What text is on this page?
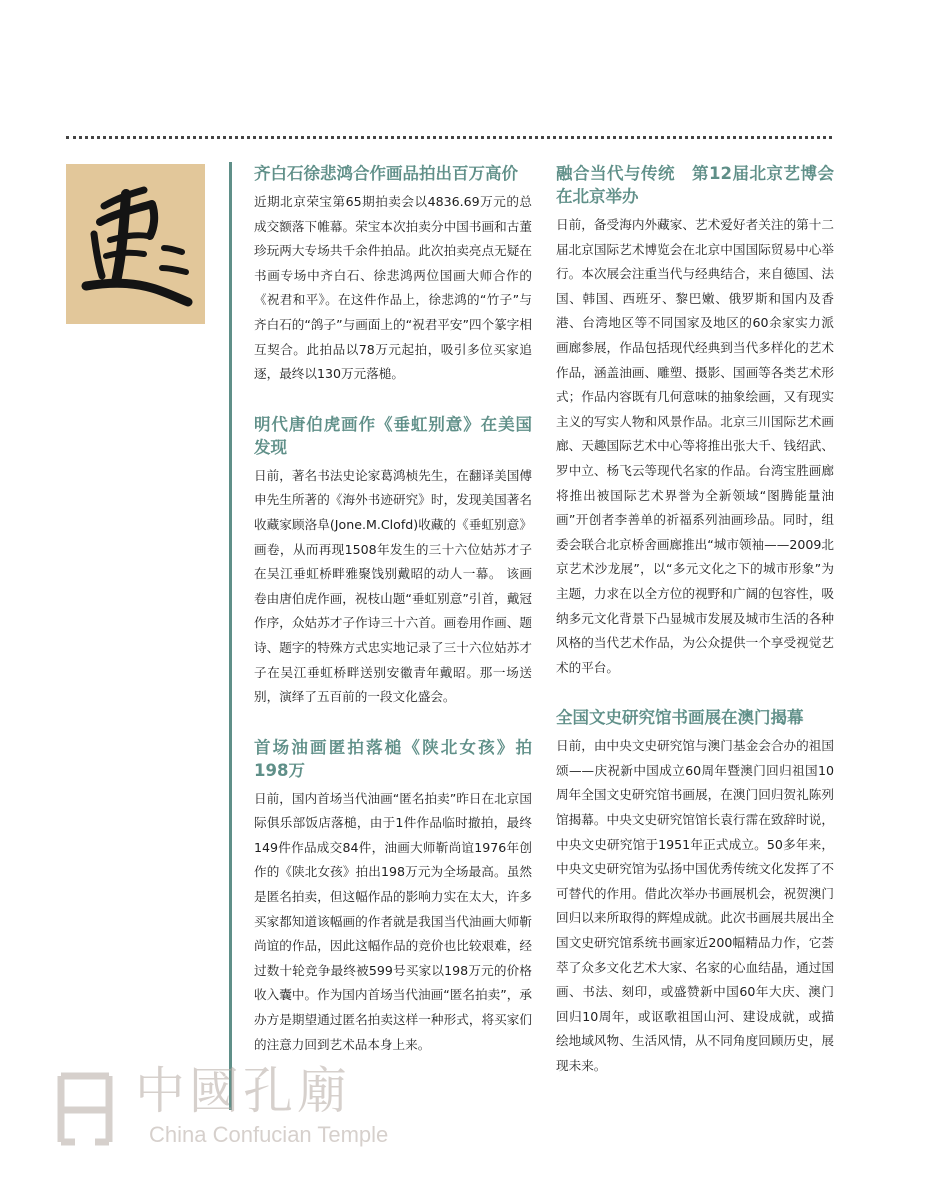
齐白石徐悲鸿合作画品拍出百万高价

近期北京荣宝第65期拍卖会以4836.69万元的总成交额落下帷幕。荣宝本次拍卖分中国书画和古董珍玩两大专场共千余件拍品。此次拍卖亮点无疑在书画专场中齐白石、徐悲鸿两位国画大师合作的《祝君和平》。在这件作品上，徐悲鸿的“竹子”与齐白石的“鸽子”与画面上的“祝君平安”四个篆字相互契合。此拍品以78万元起拍，吸引多位买家追逐，最终以130万元落槌。

明代唐伯虎画作《垂虹别意》在美国发现

日前，著名书法史论家葛鸿桢先生，在翻译美国傅申先生所著的《海外书迹研究》时，发现美国著名收藏家顾洛阜(Jone.M.Clofd)收藏的《垂虹别意》画卷，从而再现1508年发生的三十六位姑苏才子在吴江垂虹桥畔雅聚饯别戴昭的动人一幕。 该画卷由唐伯虎作画，祝枝山题“垂虹别意”引首，戴冠作序，众姑苏才子作诗三十六首。画卷用作画、题诗、题字的特殊方式忠实地记录了三十六位姑苏才子在吴江垂虹桥畔送别安徽青年戴昭。那一场送别，演绎了五百前的一段文化盛会。

首场油画匿拍落槌《陕北女孩》拍198万

日前，国内首场当代油画“匿名拍卖”昨日在北京国际俱乐部饭店落槌，由于1件作品临时撤拍，最终149件作品成交84件，油画大师靳尚谊1976年创作的《陕北女孩》拍出198万元为全场最高。虽然是匿名拍卖，但这幅作品的影响力实在太大，许多买家都知道该幅画的作者就是我国当代油画大师靳尚谊的作品，因此这幅作品的竞价也比较艰难，经过数十轮竞争最终被599号买家以198万元的价格收入囊中。作为国内首场当代油画“匿名拍卖”，承办方是期望通过匿名拍卖这样一种形式，将买家们的注意力回到艺术品本身上来。

融合当代与传统　第12届北京艺博会在北京举办

日前，备受海内外藏家、艺术爱好者关注的第十二届北京国际艺术博览会在北京中国国际贸易中心举行。本次展会注重当代与经典结合，来自德国、法国、韩国、西班牙、黎巴嫩、俄罗斯和国内及香港、台湾地区等不同国家及地区的60余家实力派画廊参展，作品包括现代经典到当代多样化的艺术作品，涵盖油画、雕塑、摄影、国画等各类艺术形式；作品内容既有几何意味的抽象绘画，又有现实主义的写实人物和风景作品。北京三川国际艺术画廊、天趣国际艺术中心等将推出张大千、钱绍武、罗中立、杨飞云等现代名家的作品。台湾宝胜画廊将推出被国际艺术界誉为全新领域“图腾能量油画”开创者李善单的祈福系列油画珍品。同时，组委会联合北京桥舍画廊推出“城市领袖——2009北京艺术沙龙展”，以“多元文化之下的城市形象”为主题，力求在以全方位的视野和广阔的包容性，吸纳多元文化背景下凸显城市发展及城市生活的各种风格的当代艺术作品，为公众提供一个享受视觉艺术的平台。

全国文史研究馆书画展在澳门揭幕

日前，由中央文史研究馆与澳门基金会合办的祖国颂——庆祝新中国成立60周年暨澳门回归祖国10周年全国文史研究馆书画展，在澳门回归贺礼陈列馆揭幕。中央文史研究馆馆长袁行霈在致辞时说，中央文史研究馆于1951年正式成立。50多年来，中央文史研究馆为弘扬中国优秀传统文化发挥了不可替代的作用。借此次举办书画展机会，祝贺澳门回归以来所取得的辉煌成就。此次书画展共展出全国文史研究馆系统书画家近200幅精品力作，它荟萃了众多文化艺术大家、名家的心血结晶，通过国画、书法、刻印，或盛赞新中国60年大庆、澳门回归10周年，或讴歌祖国山河、建设成就，或描绘地域风物、生活风情，从不同角度回顾历史，展现未来。

中國孔廟
China Confucian Temple
